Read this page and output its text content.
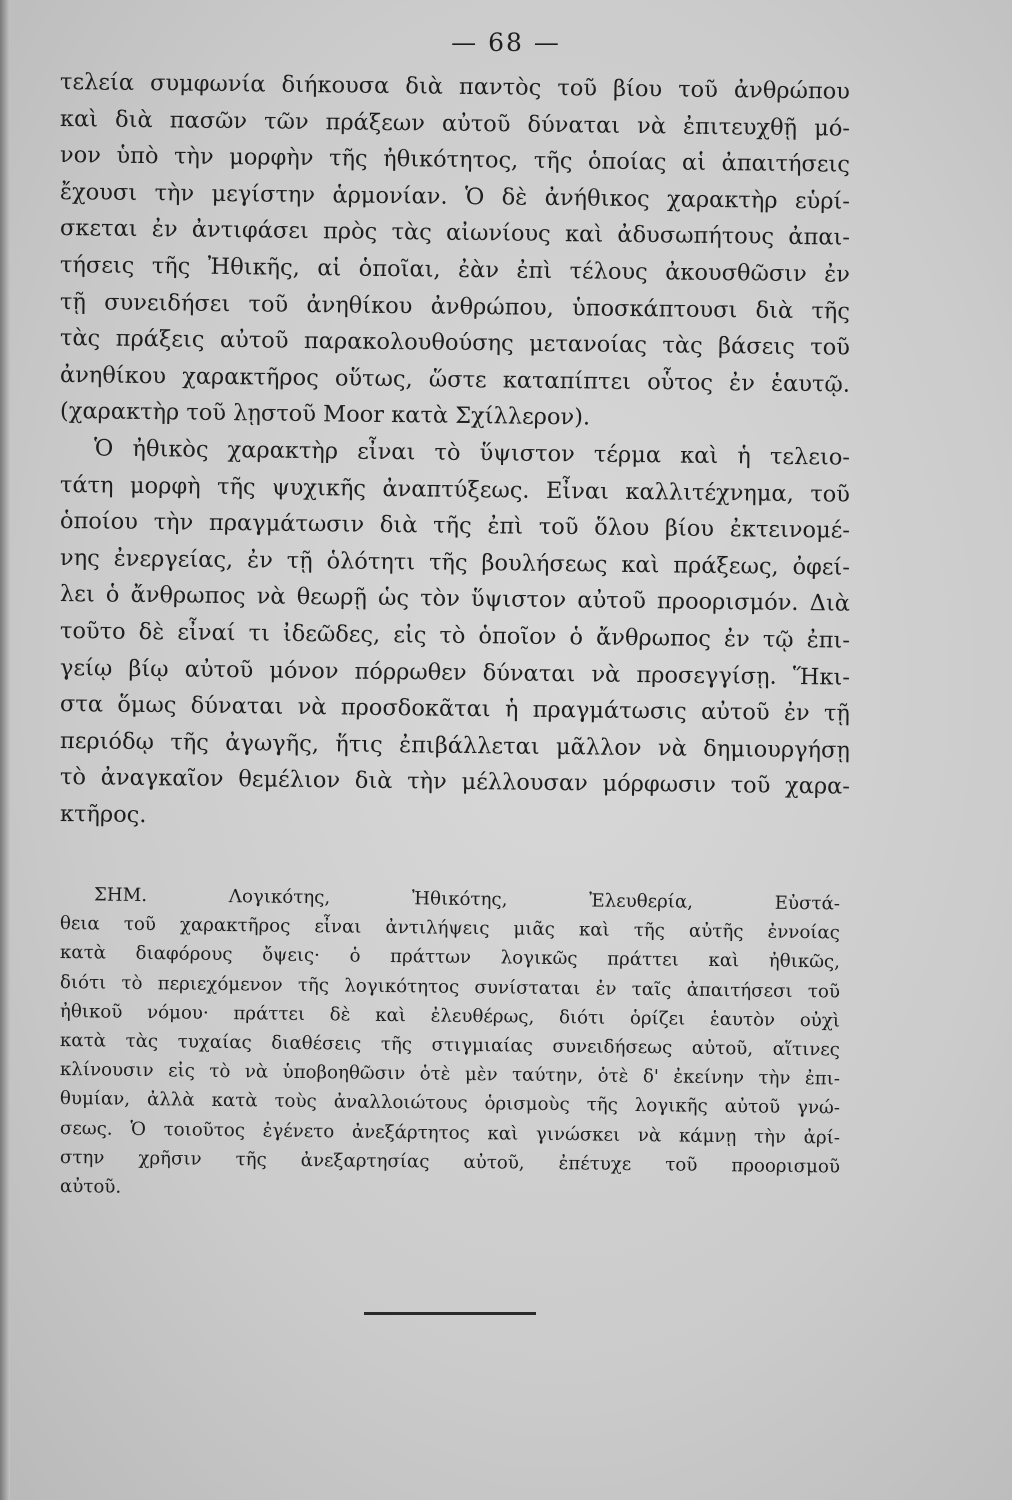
— 68 —
τελεία συμφωνία διήκουσα διὰ παντὸς τοῦ βίου τοῦ ἀνθρώπου
καὶ διὰ πασῶν τῶν πράξεων αὐτοῦ δύναται νὰ ἐπιτευχθῇ μό-
νον ὑπὸ τὴν μορφὴν τῆς ἠθικότητος, τῆς ὁποίας αἱ ἀπαιτήσεις
ἔχουσι τὴν μεγίστην ἁρμονίαν. Ὁ δὲ ἀνήθικος χαρακτὴρ εὑρί-
σκεται ἐν ἀντιφάσει πρὸς τὰς αἰωνίους καὶ ἀδυσωπήτους ἀπαι-
τήσεις τῆς Ἠθικῆς, αἱ ὁποῖαι, ἐὰν ἐπὶ τέλους ἀκουσθῶσιν ἐν
τῇ συνειδήσει τοῦ ἀνηθίκου ἀνθρώπου, ὑποσκάπτουσι διὰ τῆς
τὰς πράξεις αὐτοῦ παρακολουθούσης μετανοίας τὰς βάσεις τοῦ
ἀνηθίκου χαρακτῆρος οὕτως, ὥστε καταπίπτει οὗτος ἐν ἑαυτῷ.
(χαρακτὴρ τοῦ λῃστοῦ Moor κατὰ Σχίλλερον).
Ὁ ἠθικὸς χαρακτὴρ εἶναι τὸ ὕψιστον τέρμα καὶ ἡ τελειο-
τάτη μορφὴ τῆς ψυχικῆς ἀναπτύξεως. Εἶναι καλλιτέχνημα, τοῦ
ὁποίου τὴν πραγμάτωσιν διὰ τῆς ἐπὶ τοῦ ὅλου βίου ἐκτεινομέ-
νης ἐνεργείας, ἐν τῇ ὁλότητι τῆς βουλήσεως καὶ πράξεως, ὀφεί-
λει ὁ ἄνθρωπος νὰ θεωρῇ ὡς τὸν ὕψιστον αὐτοῦ προορισμόν. Διὰ
τοῦτο δὲ εἶναί τι ἰδεῶδες, εἰς τὸ ὁποῖον ὁ ἄνθρωπος ἐν τῷ ἐπι-
γείῳ βίῳ αὐτοῦ μόνον πόρρωθεν δύναται νὰ προσεγγίσῃ. Ἥκι-
στα ὅμως δύναται νὰ προσδοκᾶται ἡ πραγμάτωσις αὐτοῦ ἐν τῇ
περιόδῳ τῆς ἀγωγῆς, ἥτις ἐπιβάλλεται μᾶλλον νὰ δημιουργήσῃ
τὸ ἀναγκαῖον θεμέλιον διὰ τὴν μέλλουσαν μόρφωσιν τοῦ χαρα-
κτῆρος.
ΣΗΜ. Λογικότης, Ἠθικότης, Ἐλευθερία, Εὐστά-
θεια τοῦ χαρακτῆρος εἶναι ἀντιλήψεις μιᾶς καὶ τῆς αὐτῆς ἐννοίας
κατὰ διαφόρους ὄψεις· ὁ πράττων λογικῶς πράττει καὶ ἠθικῶς,
διότι τὸ περιεχόμενον τῆς λογικότητος συνίσταται ἐν ταῖς ἀπαιτήσεσι τοῦ
ἠθικοῦ νόμου· πράττει δὲ καὶ ἐλευθέρως, διότι ὁρίζει ἑαυτὸν οὐχὶ
κατὰ τὰς τυχαίας διαθέσεις τῆς στιγμιαίας συνειδήσεως αὐτοῦ, αἵτινες
κλίνουσιν εἰς τὸ νὰ ὑποβοηθῶσιν ὁτὲ μὲν ταύτην, ὁτὲ δ' ἐκείνην τὴν ἐπι-
θυμίαν, ἀλλὰ κατὰ τοὺς ἀναλλοιώτους ὁρισμοὺς τῆς λογικῆς αὐτοῦ γνώ-
σεως. Ὁ τοιοῦτος ἐγένετο ἀνεξάρτητος καὶ γινώσκει νὰ κάμνῃ τὴν ἀρί-
στην χρῆσιν τῆς ἀνεξαρτησίας αὐτοῦ, ἐπέτυχε τοῦ προορισμοῦ
αὐτοῦ.
